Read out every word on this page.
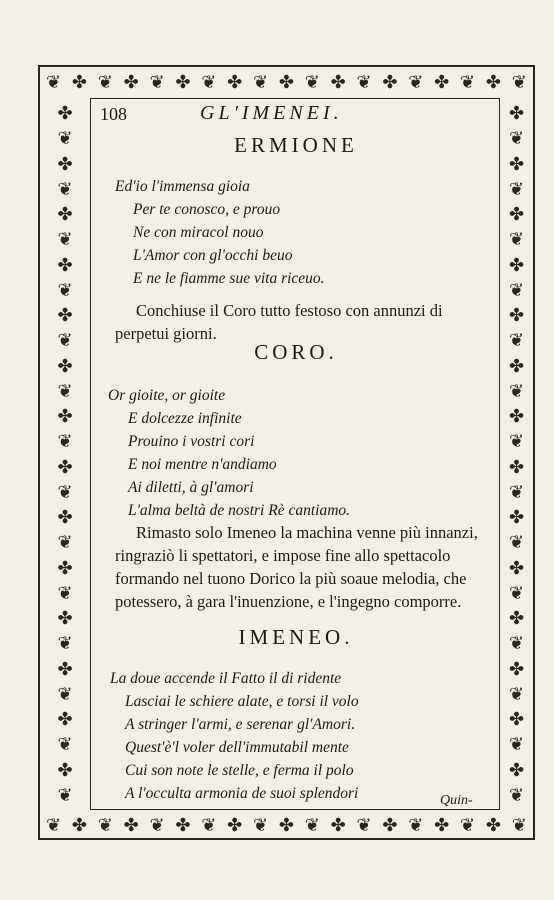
❦ ✤ ❦ ✤ ❦ ✤ ❦ ✤ ❦ ✤ ❦ ✤ ❦ ✤ ❦ ✤ ❦ ✤ ❦
❦ ✤ ❦ ✤ ❦ ✤ ❦ ✤ ❦ ✤ ❦ ✤ ❦ ✤ ❦ ✤ ❦ ✤ ❦
✤
❦
✤
❦
✤
❦
✤
❦
✤
❦
✤
❦
✤
❦
✤
❦
✤
❦
✤
❦
✤
❦
✤
❦
✤
❦
✤
❦
✤
❦
✤
❦
✤
❦
✤
❦
✤
❦
✤
❦
✤
❦
✤
❦
✤
❦
✤
❦
✤
❦
✤
❦
✤
❦
✤
❦
108	GL'IMENEI.
ERMIONE
Ed'io l'immensa gioia
Per te conosco, e prouo
Ne con miracol nouo
L'Amor con gl'occhi beuo
E ne le fiamme sue vita riceuo.
Conchiuse il Coro tutto festoso con annunzi di perpetui giorni.
CORO.
Or gioite, or gioite
E dolcezze infinite
Prouino i vostri cori
E noi mentre n'andiamo
Ai diletti, à gl'amori
L'alma beltà de nostri Rè cantiamo.
Rimasto solo Imeneo la machina venne più innanzi, ringraziò li spettatori, e impose fine allo spettacolo formando nel tuono Dorico la più soaue melodia, che potessero, à gara l'inuenzione, e l'ingegno comporre.
IMENEO.
La doue accende il Fatto il di ridente
Lasciai le schiere alate, e torsi il volo
A stringer l'armi, e serenar gl'Amori.
Quest'è'l voler dell'immutabil mente
Cui son note le stelle, e ferma il polo
A l'occulta armonia de suoi splendori	Quin-
